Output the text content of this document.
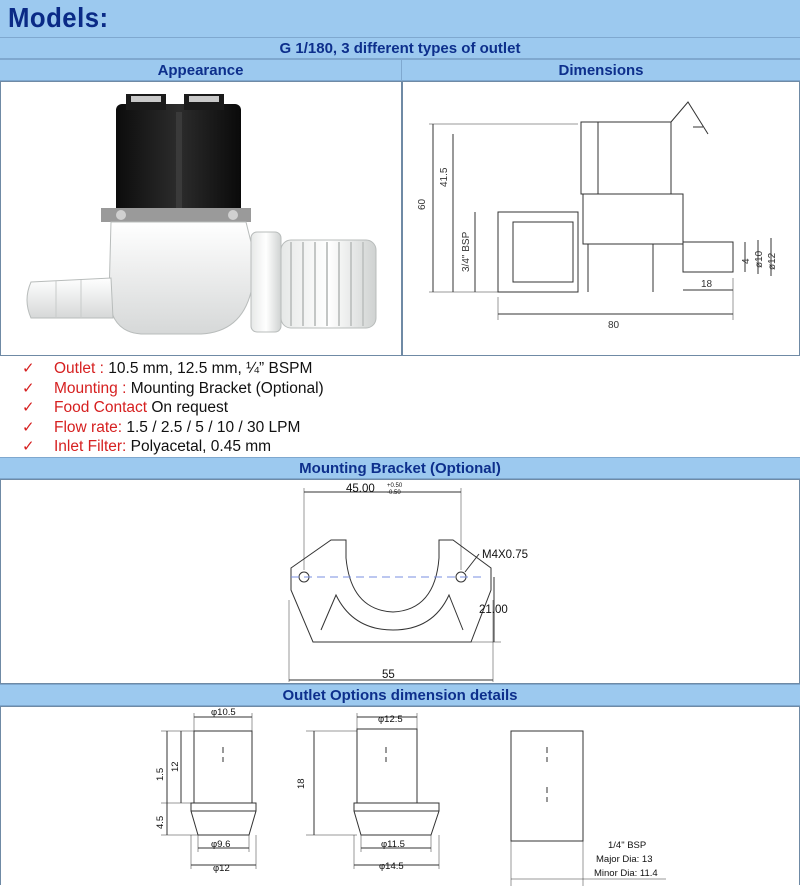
Models:
G 1/180, 3 different types of outlet
Appearance	Dimensions
60
41.5
3/4" BSP
80
18
4 ø10 ø12
✓ Outlet : 10.5 mm, 12.5 mm, ¼” BSPM
✓ Mounting : Mounting Bracket (Optional)
✓ Food Contact On request
✓ Flow rate: 1.5 / 2.5 / 5 / 10 / 30 LPM
✓ Inlet Filter: Polyacetal, 0.45 mm
Mounting Bracket (Optional)
45.00 +0.50
-0.50
M4X0.75
21.00
55
Outlet Options dimension details
φ10.5
1.5
12
4.5
φ9.6
φ12
φ12.5
18
φ11.5
φ14.5
1/4" BSP
Major Dia: 13
Minor Dia: 11.4
